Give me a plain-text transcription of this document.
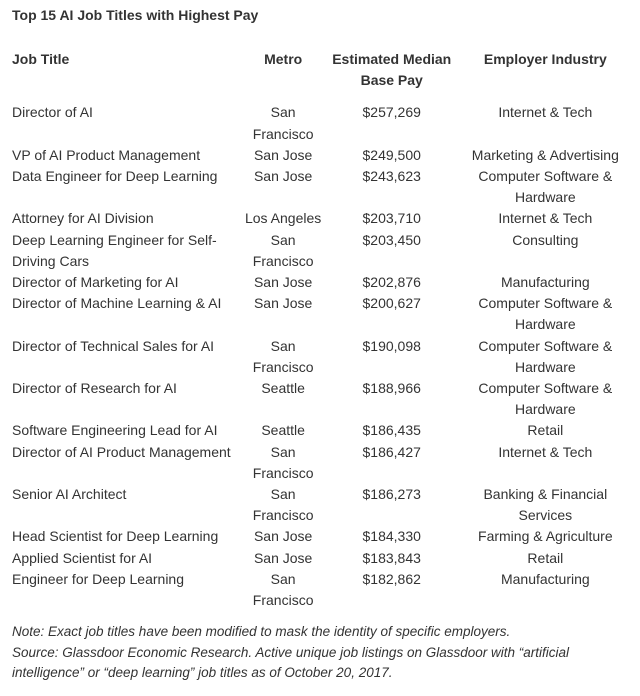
Top 15 AI Job Titles with Highest Pay
Job Title	Metro	Estimated Median Base Pay	Employer Industry
Director of AI	San Francisco	$257,269	Internet & Tech
VP of AI Product Management	San Jose	$249,500	Marketing & Advertising
Data Engineer for Deep Learning	San Jose	$243,623	Computer Software & Hardware
Attorney for AI Division	Los Angeles	$203,710	Internet & Tech
Deep Learning Engineer for Self-Driving Cars	San Francisco	$203,450	Consulting
Director of Marketing for AI	San Jose	$202,876	Manufacturing
Director of Machine Learning & AI	San Jose	$200,627	Computer Software & Hardware
Director of Technical Sales for AI	San Francisco	$190,098	Computer Software & Hardware
Director of Research for AI	Seattle	$188,966	Computer Software & Hardware
Software Engineering Lead for AI	Seattle	$186,435	Retail
Director of AI Product Management	San Francisco	$186,427	Internet & Tech
Senior AI Architect	San Francisco	$186,273	Banking & Financial Services
Head Scientist for Deep Learning	San Jose	$184,330	Farming & Agriculture
Applied Scientist for AI	San Jose	$183,843	Retail
Engineer for Deep Learning	San Francisco	$182,862	Manufacturing
Note: Exact job titles have been modified to mask the identity of specific employers.
Source: Glassdoor Economic Research. Active unique job listings on Glassdoor with “artificial intelligence” or “deep learning” job titles as of October 20, 2017.
